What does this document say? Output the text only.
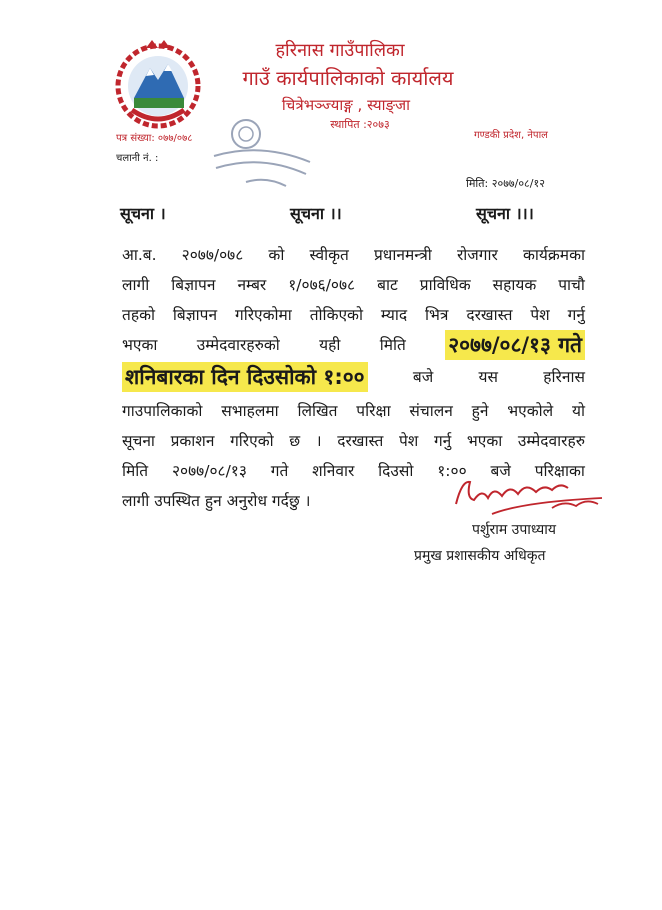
हरिनास गाउँपालिका
गाउँ कार्यपालिकाको कार्यालय
चित्रेभञ्ज्याङ्ग , स्याङ्जा
स्थापित :२०७३
गण्डकी प्रदेश, नेपाल
पत्र संख्या: ०७७/०७८
चलानी नं. :
मिति: २०७७/०८/१२
सूचना ।	सूचना ।।	सूचना ।।।
आ.ब. २०७७/०७८ को स्वीकृत प्रधानमन्त्री रोजगार कार्यक्रमका
लागी बिज्ञापन नम्बर १/०७६/०७८ बाट प्राविधिक सहायक पाचौ
तहको बिज्ञापन गरिएकोमा तोकिएको म्याद भित्र दरखास्त पेश गर्नु
भएका	उम्मेदवारहरुको	यही	मिति २०७७/०८/१३ गते
शनिबारका दिन दिउसोको १:००	बजे	यस	हरिनास
गाउपालिकाको सभाहलमा लिखित परिक्षा संचालन हुने भएकोले यो
सूचना प्रकाशन गरिएको छ । दरखास्त पेश गर्नु भएका उम्मेदवारहरु
मिति २०७७/०८/१३ गते शनिवार दिउसो १:०० बजे परिक्षाका
लागी उपस्थित हुन अनुरोध गर्दछु ।
पर्शुराम उपाध्याय
प्रमुख प्रशासकीय अधिकृत
